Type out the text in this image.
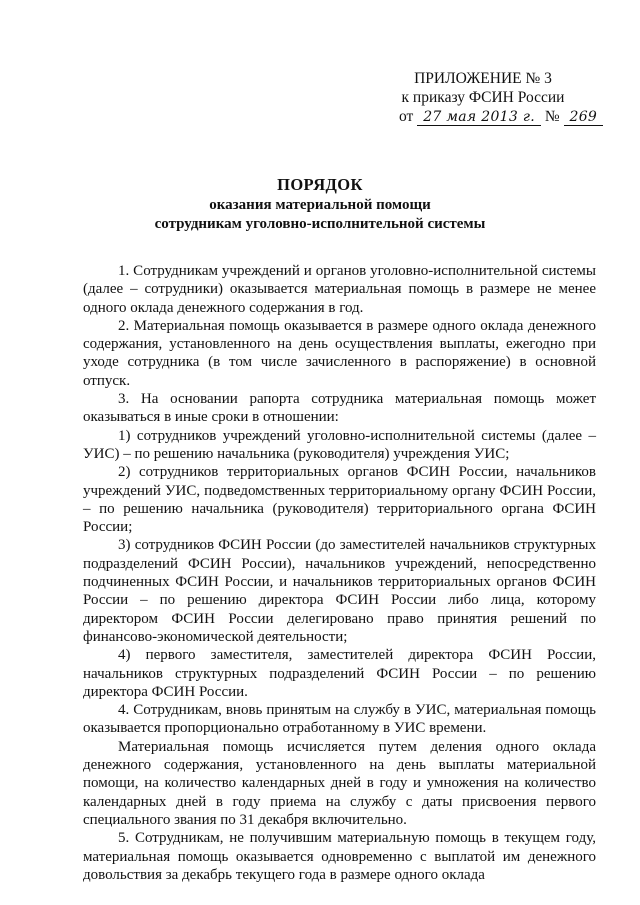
ПРИЛОЖЕНИЕ № 3
к приказу ФСИН России
от 27 мая 2013 г. № 269
ПОРЯДОК
оказания материальной помощи
сотрудникам уголовно-исполнительной системы

1. Сотрудникам учреждений и органов уголовно-исполнительной системы (далее – сотрудники) оказывается материальная помощь в размере не менее одного оклада денежного содержания в год.

2. Материальная помощь оказывается в размере одного оклада денежного содержания, установленного на день осуществления выплаты, ежегодно при уходе сотрудника (в том числе зачисленного в распоряжение) в основной отпуск.

3. На основании рапорта сотрудника материальная помощь может оказываться в иные сроки в отношении:

1) сотрудников учреждений уголовно-исполнительной системы (далее – УИС) – по решению начальника (руководителя) учреждения УИС;

2) сотрудников территориальных органов ФСИН России, начальников учреждений УИС, подведомственных территориальному органу ФСИН России, – по решению начальника (руководителя) территориального органа ФСИН России;

3) сотрудников ФСИН России (до заместителей начальников структурных подразделений ФСИН России), начальников учреждений, непосредственно подчиненных ФСИН России, и начальников территориальных органов ФСИН России – по решению директора ФСИН России либо лица, которому директором ФСИН России делегировано право принятия решений по финансово-экономической деятельности;

4) первого заместителя, заместителей директора ФСИН России, начальников структурных подразделений ФСИН России – по решению директора ФСИН России.

4. Сотрудникам, вновь принятым на службу в УИС, материальная помощь оказывается пропорционально отработанному в УИС времени.

Материальная помощь исчисляется путем деления одного оклада денежного содержания, установленного на день выплаты материальной помощи, на количество календарных дней в году и умножения на количество календарных дней в году приема на службу с даты присвоения первого специального звания по 31 декабря включительно.

5. Сотрудникам, не получившим материальную помощь в текущем году, материальная помощь оказывается одновременно с выплатой им денежного довольствия за декабрь текущего года в размере одного оклада
